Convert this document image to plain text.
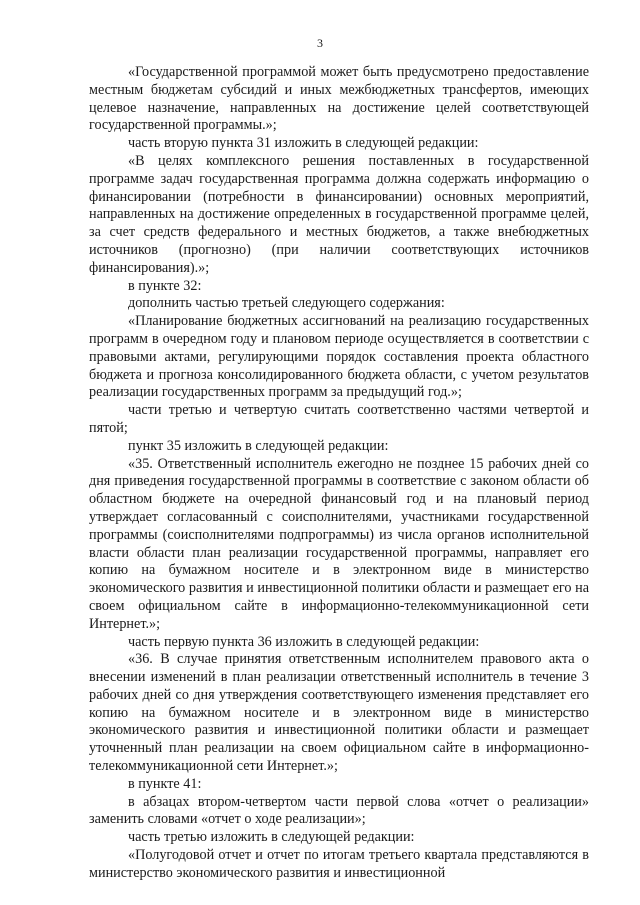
3

«Государственной программой может быть предусмотрено предоставление местным бюджетам субсидий и иных межбюджетных трансфертов, имеющих целевое назначение, направленных на достижение целей соответствующей государственной программы.»;

часть вторую пункта 31 изложить в следующей редакции:

«В целях комплексного решения поставленных в государственной программе задач государственная программа должна содержать информацию о финансировании (потребности в финансировании) основных мероприятий, направленных на достижение определенных в государственной программе целей, за счет средств федерального и местных бюджетов, а также внебюджетных источников (прогнозно) (при наличии соответствующих источников финансирования).»;

в пункте 32:

дополнить частью третьей следующего содержания:

«Планирование бюджетных ассигнований на реализацию государственных программ в очередном году и плановом периоде осуществляется в соответствии с правовыми актами, регулирующими порядок составления проекта областного бюджета и прогноза консолидированного бюджета области, с учетом результатов реализации государственных программ за предыдущий год.»;

части третью и четвертую считать соответственно частями четвертой и пятой;

пункт 35 изложить в следующей редакции:

«35. Ответственный исполнитель ежегодно не позднее 15 рабочих дней со дня приведения государственной программы в соответствие с законом области об областном бюджете на очередной финансовый год и на плановый период утверждает согласованный с соисполнителями, участниками государственной программы (соисполнителями подпрограммы) из числа органов исполнительной власти области план реализации государственной программы, направляет его копию на бумажном носителе и в электронном виде в министерство экономического развития и инвестиционной политики области и размещает его на своем официальном сайте в информационно-телекоммуникационной сети Интернет.»;

часть первую пункта 36 изложить в следующей редакции:

«36. В случае принятия ответственным исполнителем правового акта о внесении изменений в план реализации ответственный исполнитель в течение 3 рабочих дней со дня утверждения соответствующего изменения представляет его копию на бумажном носителе и в электронном виде в министерство экономического развития и инвестиционной политики области и размещает уточненный план реализации на своем официальном сайте в информационно-телекоммуникационной сети Интернет.»;

в пункте 41:

в абзацах втором-четвертом части первой слова «отчет о реализации» заменить словами «отчет о ходе реализации»;

часть третью изложить в следующей редакции:

«Полугодовой отчет и отчет по итогам третьего квартала представляются в министерство экономического развития и инвестиционной
